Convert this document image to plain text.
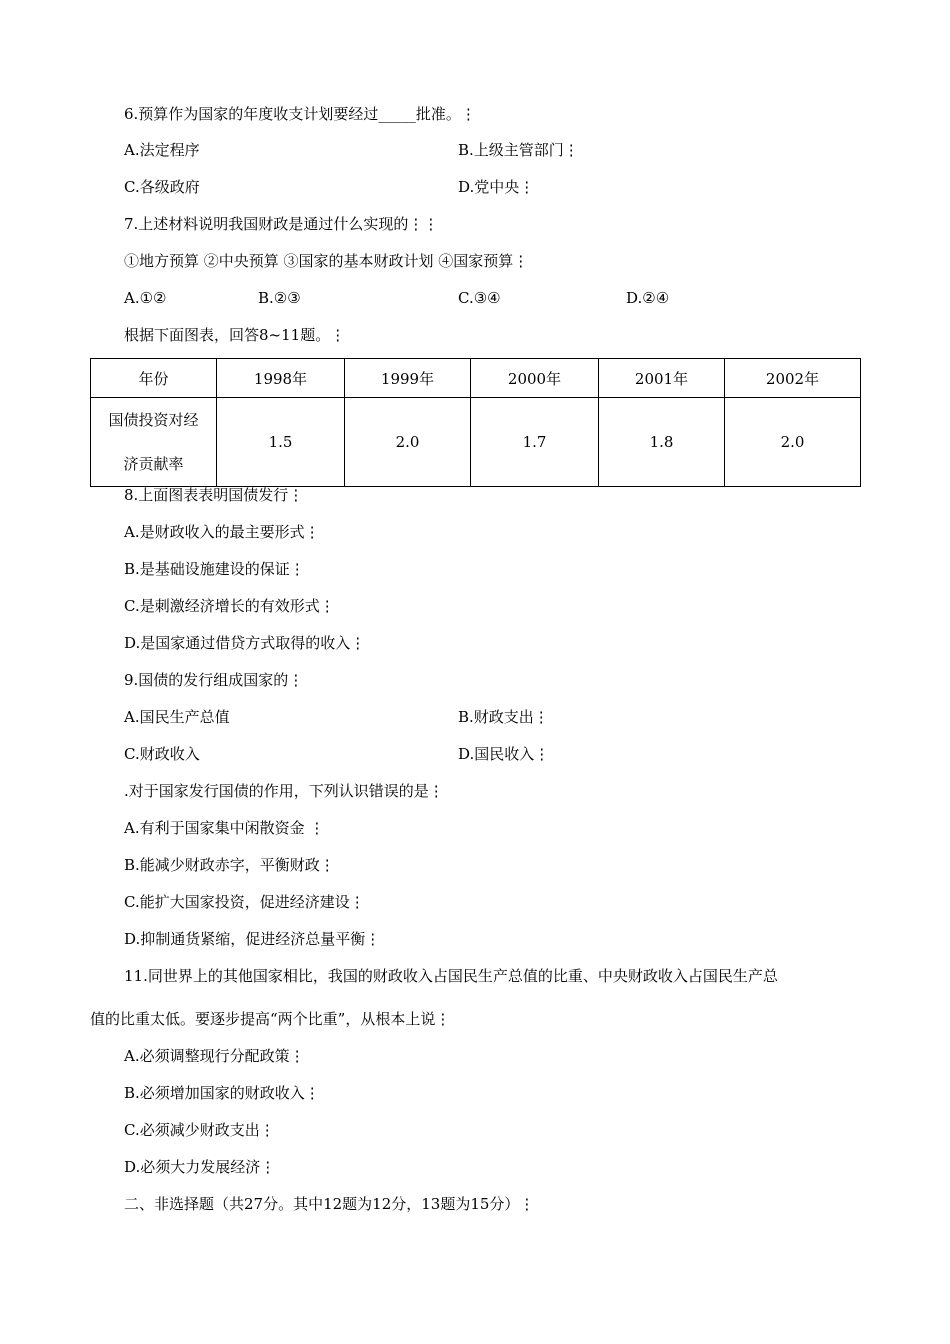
6.预算作为国家的年度收支计划要经过_____批准。⋮
A.法定程序	B.上级主管部门⋮
C.各级政府	D.党中央⋮
7.上述材料说明我国财政是通过什么实现的⋮⋮
①地方预算 ②中央预算 ③国家的基本财政计划 ④国家预算⋮
A.①②	B.②③	C.③④	D.②④
根据下面图表，回答8~11题。⋮
年份	1998年	1999年	2000年	2001年	2002年

国债投资对经
济贡献率	1.5	2.0	1.7	1.8	2.0
8.上面图表表明国债发行⋮
A.是财政收入的最主要形式⋮
B.是基础设施建设的保证⋮
C.是刺激经济增长的有效形式⋮
D.是国家通过借贷方式取得的收入⋮
9.国债的发行组成国家的⋮
A.国民生产总值	B.财政支出⋮
C.财政收入	D.国民收入⋮
.对于国家发行国债的作用，下列认识错误的是⋮
A.有利于国家集中闲散资金 ⋮
B.能减少财政赤字，平衡财政⋮
C.能扩大国家投资，促进经济建设⋮
D.抑制通货紧缩，促进经济总量平衡⋮
11.同世界上的其他国家相比，我国的财政收入占国民生产总值的比重、中央财政收入占国民生产总
值的比重太低。要逐步提高“两个比重”，从根本上说⋮
A.必须调整现行分配政策⋮
B.必须增加国家的财政收入⋮
C.必须减少财政支出⋮
D.必须大力发展经济⋮
二、非选择题（共27分。其中12题为12分，13题为15分）⋮
